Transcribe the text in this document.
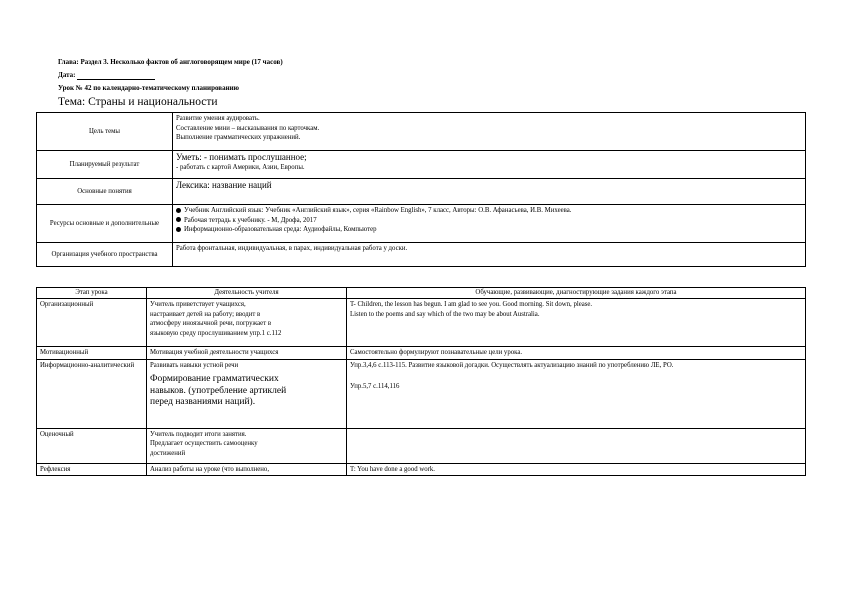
Глава: Раздел 3. Несколько фактов об англоговорящем мире (17 часов)
Дата:
Урок № 42 по календарно-тематическому планированию
Тема: Страны и национальности
Цель темы	Развитие умения аудировать.
Составление мини – высказывания по карточкам.
Выполнение грамматических упражнений.

Планируемый результат	Уметь: - понимать прослушанное;
- работать с картой Америки, Азии, Европы.

Основные понятия	Лексика: название наций

Ресурсы основные и дополнительные	Учебник Английский язык: Учебник «Английский язык», серия «Rainbow English», 7 класс, Авторы: О.В. Афанасьева, И.В. Михеева.
Рабочая тетрадь к учебнику. - М, Дрофа, 2017
Информационно-образовательная среда: Аудиофайлы, Компьютер

Организация учебного пространства	Работа фронтальная, индивидуальная, в парах, индивидуальная работа у доски.
Этап урока	Деятельность учителя	Обучающие, развивающие, диагностирующие задания каждого этапа
Организационный	Учитель приветствует учащихся,
настраивает детей на работу; вводит в
атмосферу иноязычной речи, погружает в
языковую среду прослушиванием упр.1 с.112	T- Children, the lesson has begun. I am glad to see you. Good morning. Sit down, please.
Listen to the poems and say which of the two may be about Australia.

Мотивационный	Мотивация учебной деятельности учащихся	Самостоятельно формулируют познавательные цели урока.

Информационно-аналитический	Развивать навыки устной речи
Формирование грамматических
навыков. (употребление артиклей
перед названиями наций).	Упр.3,4,6 с.113-115. Развитие языковой догадки. Осуществлять актуализацию знаний по употреблению ЛЕ, РО.
Упр.5,7 с.114,116

Оценочный	Учитель подводит итоги занятия.
Предлагает осуществить самооценку
достижений	

Рефлексия	Анализ работы на уроке (что выполнено,	T: You have done a good work.
